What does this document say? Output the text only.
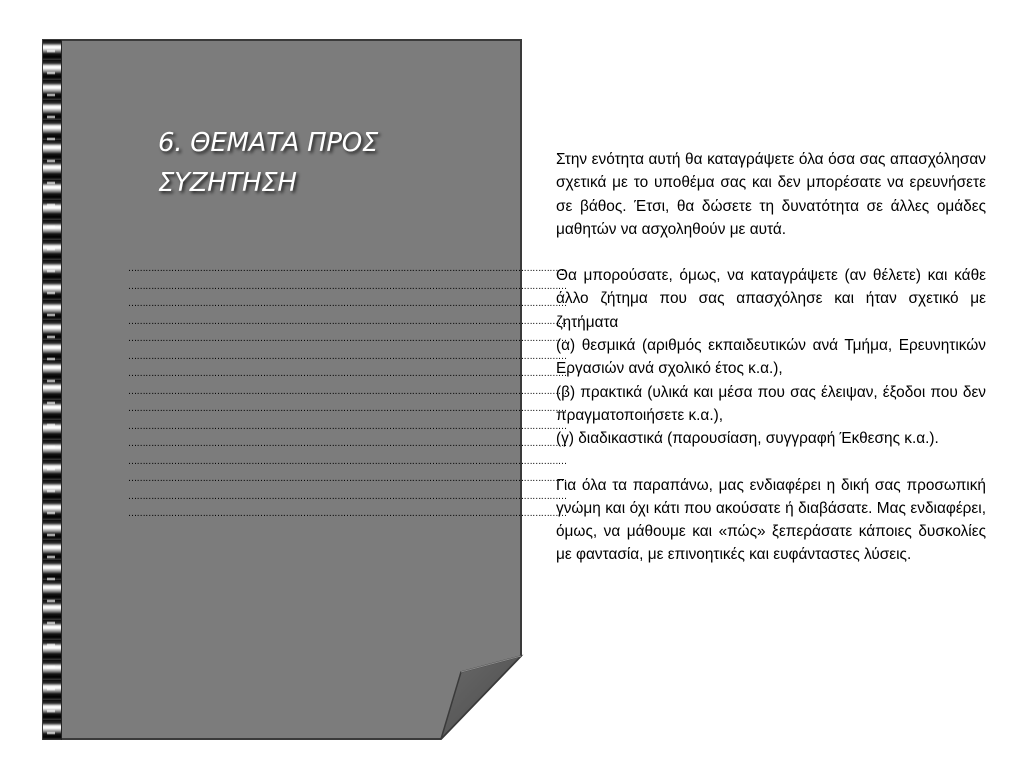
6. ΘΕΜΑΤΑ ΠΡΟΣ ΣΥΖΗΤΗΣΗ
………………………………………………………………………………………………………………………………………
………………………………………………………………………………………………………………………………………
………………………………………………………………………………………………………………………………………
………………………………………………………………………………………………………………………………………
………………………………………………………………………………………………………………………………………
………………………………………………………………………………………………………………………………………
………………………………………………………………………………………………………………………………………
………………………………………………………………………………………………………………………………………
………………………………………………………………………………………………………………………………………
………………………………………………………………………………………………………………………………………
………………………………………………………………………………………………………………………………………
………………………………………………………………………………………………………………………………………
………………………………………………………………………………………………………………………………………
………………………………………………………………………………………………………………………………………
………………………………………………………………………………………………………………………………………

Στην ενότητα αυτή θα καταγράψετε όλα όσα σας απασχόλησαν σχετικά με το υποθέμα σας και δεν μπορέσατε να ερευνήσετε σε βάθος. Έτσι, θα δώσετε τη δυνατότητα σε άλλες ομάδες μαθητών να ασχοληθούν με αυτά.

Θα μπορούσατε, όμως, να καταγράψετε (αν θέλετε) και κάθε άλλο ζήτημα που σας απασχόλησε και ήταν σχετικό με ζητήματα

(α) θεσμικά (αριθμός εκπαιδευτικών ανά Τμήμα, Ερευνητικών Εργασιών ανά σχολικό έτος κ.α.),

(β) πρακτικά (υλικά και μέσα που σας έλειψαν, έξοδοι που δεν πραγματοποιήσετε κ.α.),

(γ) διαδικαστικά (παρουσίαση, συγγραφή Έκθεσης κ.α.).

Για όλα τα παραπάνω, μας ενδιαφέρει η δική σας προσωπική γνώμη και όχι κάτι που ακούσατε ή διαβάσατε. Μας ενδιαφέρει, όμως, να μάθουμε και «πώς» ξεπεράσατε κάποιες δυσκολίες με φαντασία, με επινοητικές και ευφάνταστες λύσεις.
